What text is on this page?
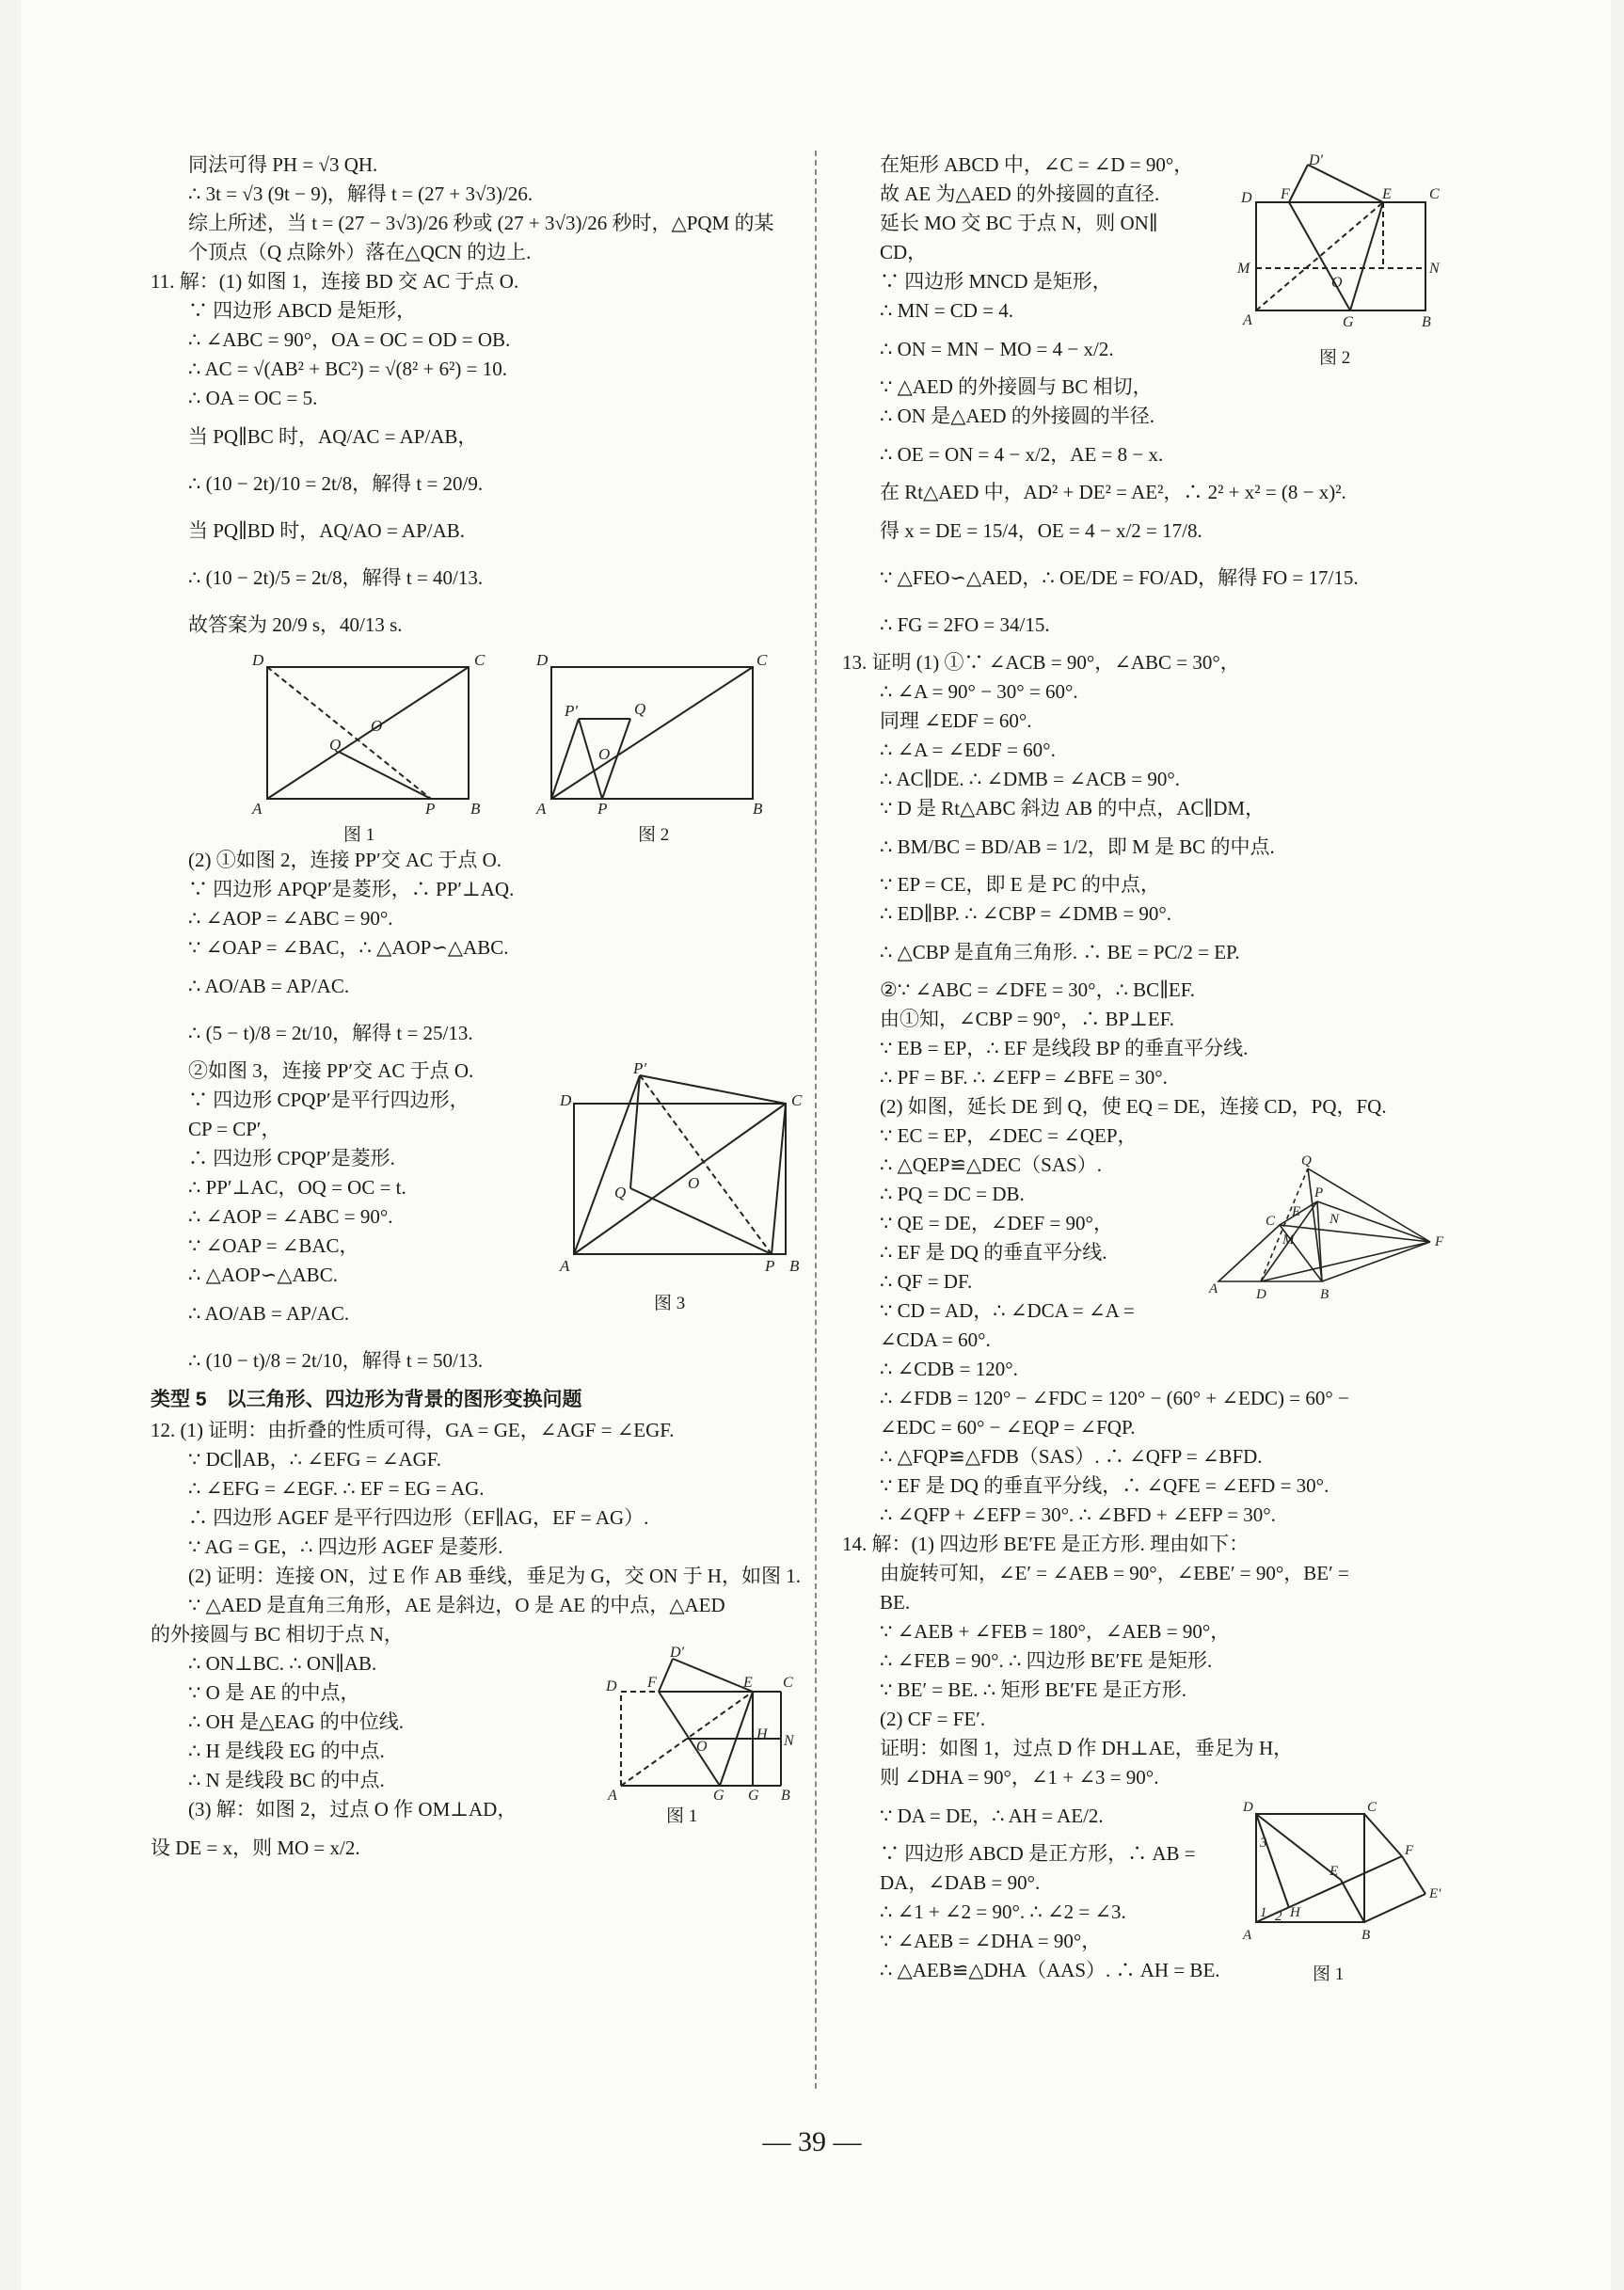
同法可得 PH = √3 QH.
∴ 3t = √3 (9t − 9)，解得 t = (27 + 3√3)/26.
综上所述，当 t = (27 − 3√3)/26 秒或 (27 + 3√3)/26 秒时，△PQM 的某
个顶点（Q 点除外）落在△QCN 的边上.
11. 解：(1) 如图 1，连接 BD 交 AC 于点 O.
∵ 四边形 ABCD 是矩形，
∴ ∠ABC = 90°，OA = OC = OD = OB.
∴ AC = √(AB² + BC²) = √(8² + 6²) = 10.
∴ OA = OC = 5.
当 PQ∥BC 时，AQ/AC = AP/AB，
∴ (10 − 2t)/10 = 2t/8，解得 t = 20/9.
当 PQ∥BD 时，AQ/AO = AP/AB.
∴ (10 − 2t)/5 = 2t/8，解得 t = 40/13.
故答案为 20/9 s，40/13 s.
D	C
A	B
P
O
Q
D	C
A	B
P
P′	Q
O
图 1	图 2
(2) ①如图 2，连接 PP′交 AC 于点 O.
∵ 四边形 APQP′是菱形，∴ PP′⊥AQ.
∴ ∠AOP = ∠ABC = 90°.
∵ ∠OAP = ∠BAC，∴ △AOP∽△ABC.
∴ AO/AB = AP/AC.
∴ (5 − t)/8 = 2t/10，解得 t = 25/13.
②如图 3，连接 PP′交 AC 于点 O.
∵ 四边形 CPQP′是平行四边形，
CP = CP′，
∴ 四边形 CPQP′是菱形.
∴ PP′⊥AC，OQ = OC = t.
∴ ∠AOP = ∠ABC = 90°.
∵ ∠OAP = ∠BAC，
∴ △AOP∽△ABC.
∴ AO/AB = AP/AC.
D	C
A	B
P
P′
Q
O
图 3
∴ (10 − t)/8 = 2t/10，解得 t = 50/13.
类型 5　以三角形、四边形为背景的图形变换问题
12. (1) 证明：由折叠的性质可得，GA = GE，∠AGF = ∠EGF.
∵ DC∥AB，∴ ∠EFG = ∠AGF.
∴ ∠EFG = ∠EGF. ∴ EF = EG = AG.
∴ 四边形 AGEF 是平行四边形（EF∥AG，EF = AG）.
∵ AG = GE，∴ 四边形 AGEF 是菱形.
(2) 证明：连接 ON，过 E 作 AB 垂线，垂足为 G，交 ON 于 H，如图 1.
∵ △AED 是直角三角形，AE 是斜边，O 是 AE 的中点，△AED
的外接圆与 BC 相切于点 N，
∴ ON⊥BC. ∴ ON∥AB.
∵ O 是 AE 的中点，
∴ OH 是△EAG 的中位线.
∴ H 是线段 EG 的中点.
∴ N 是线段 BC 的中点.
(3) 解：如图 2，过点 O 作 OM⊥AD，
设 DE = x，则 MO = x/2.
D F	E C
D′
H N
O
A	G G B
图 1
在矩形 ABCD 中，∠C = ∠D = 90°，
故 AE 为△AED 的外接圆的直径.
延长 MO 交 BC 于点 N，则 ON∥
CD，
∵ 四边形 MNCD 是矩形，
∴ MN = CD = 4.
∴ ON = MN − MO = 4 − x/2.
D F	E	C
D′
M	N
O
A	G	B
图 2
∵ △AED 的外接圆与 BC 相切，
∴ ON 是△AED 的外接圆的半径.
∴ OE = ON = 4 − x/2，AE = 8 − x.
在 Rt△AED 中，AD² + DE² = AE²，∴ 2² + x² = (8 − x)².
得 x = DE = 15/4，OE = 4 − x/2 = 17/8.
∵ △FEO∽△AED，∴ OE/DE = FO/AD，解得 FO = 17/15.
∴ FG = 2FO = 34/15.
13. 证明 (1) ①∵ ∠ACB = 90°，∠ABC = 30°，
∴ ∠A = 90° − 30° = 60°.
同理 ∠EDF = 60°.
∴ ∠A = ∠EDF = 60°.
∴ AC∥DE. ∴ ∠DMB = ∠ACB = 90°.
∵ D 是 Rt△ABC 斜边 AB 的中点，AC∥DM，
∴ BM/BC = BD/AB = 1/2，即 M 是 BC 的中点.
∵ EP = CE，即 E 是 PC 的中点，
∴ ED∥BP. ∴ ∠CBP = ∠DMB = 90°.
∴ △CBP 是直角三角形. ∴ BE = PC/2 = EP.
②∵ ∠ABC = ∠DFE = 30°，∴ BC∥EF.
由①知，∠CBP = 90°，∴ BP⊥EF.
∵ EB = EP，∴ EF 是线段 BP 的垂直平分线.
∴ PF = BF. ∴ ∠EFP = ∠BFE = 30°.
(2) 如图，延长 DE 到 Q，使 EQ = DE，连接 CD，PQ，FQ.
∵ EC = EP，∠DEC = ∠QEP，
∴ △QEP≌△DEC（SAS）.
∴ PQ = DC = DB.
∵ QE = DE，∠DEF = 90°，
∴ EF 是 DQ 的垂直平分线.
∴ QF = DF.
∵ CD = AD，∴ ∠DCA = ∠A =
∠CDA = 60°.
A	D	B
C
F
Q
P
E
M
N
∴ ∠CDB = 120°.
∴ ∠FDB = 120° − ∠FDC = 120° − (60° + ∠EDC) = 60° −
∠EDC = 60° − ∠EQP = ∠FQP.
∴ △FQP≌△FDB（SAS）. ∴ ∠QFP = ∠BFD.
∵ EF 是 DQ 的垂直平分线，∴ ∠QFE = ∠EFD = 30°.
∴ ∠QFP + ∠EFP = 30°. ∴ ∠BFD + ∠EFP = 30°.
14. 解：(1) 四边形 BE′FE 是正方形. 理由如下：
由旋转可知，∠E′ = ∠AEB = 90°，∠EBE′ = 90°，BE′ =
BE.
∵ ∠AEB + ∠FEB = 180°，∠AEB = 90°，
∴ ∠FEB = 90°. ∴ 四边形 BE′FE 是矩形.
∵ BE′ = BE. ∴ 矩形 BE′FE 是正方形.
(2) CF = FE′.
证明：如图 1，过点 D 作 DH⊥AE，垂足为 H，
则 ∠DHA = 90°，∠1 + ∠3 = 90°.
∵ DA = DE，∴ AH = AE/2.
∵ 四边形 ABCD 是正方形，∴ AB =
DA，∠DAB = 90°.
∴ ∠1 + ∠2 = 90°. ∴ ∠2 = ∠3.
∵ ∠AEB = ∠DHA = 90°，
∴ △AEB≌△DHA（AAS）. ∴ AH = BE.
D	C
A	B
F
E
E′
H
3
1 2
图 1
— 39 —
